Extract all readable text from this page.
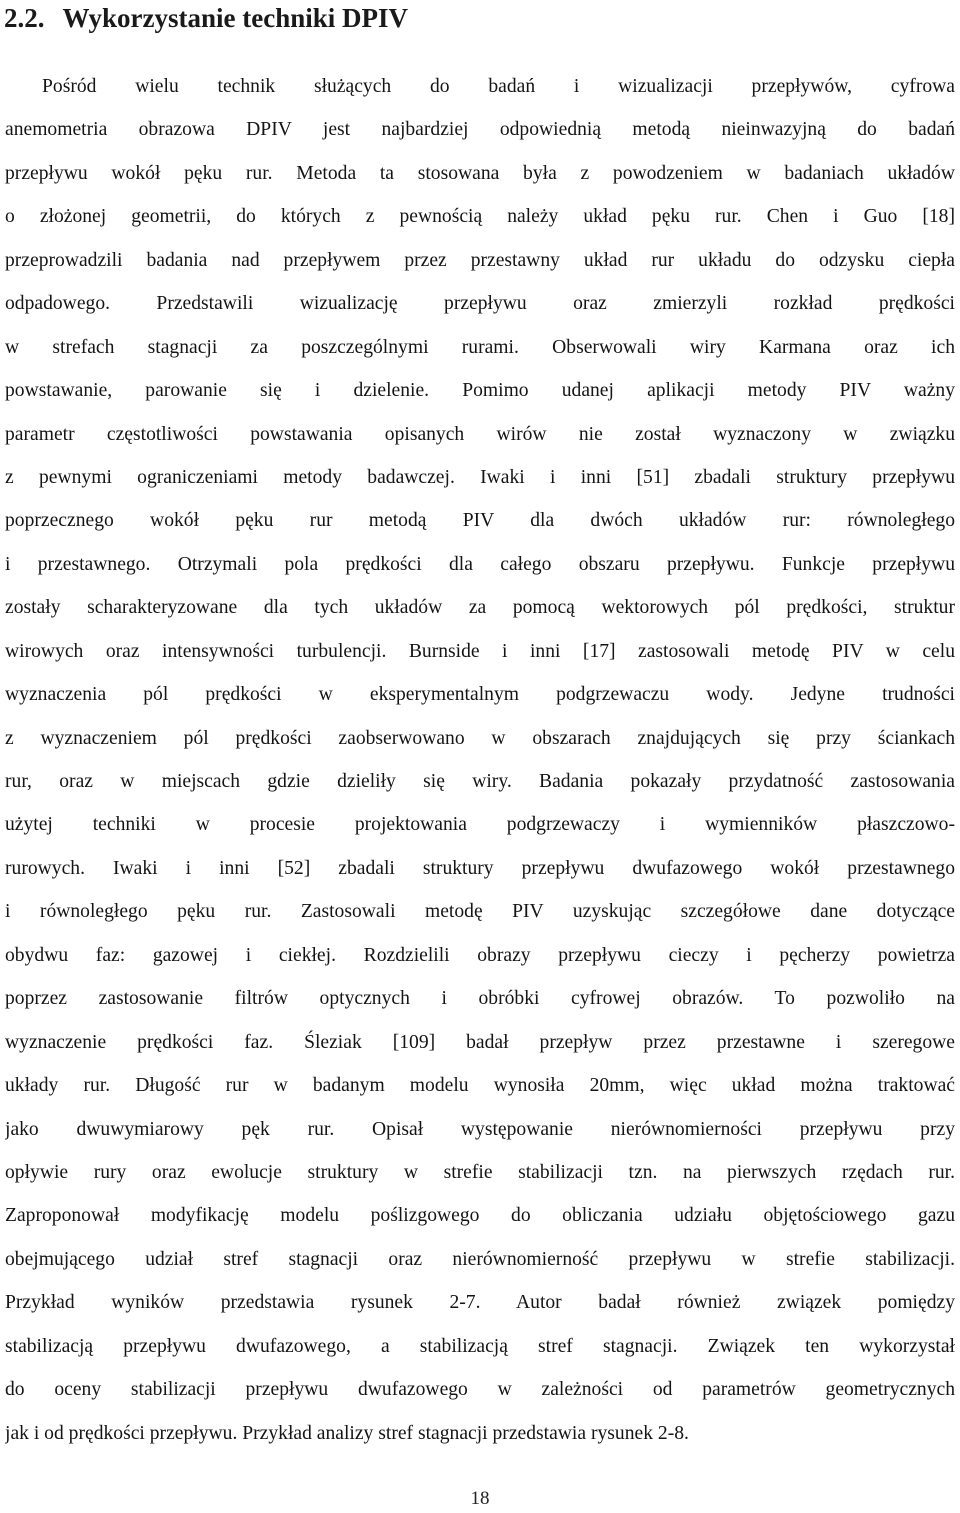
2.2. Wykorzystanie techniki DPIV
Pośród wielu technik służących do badań i wizualizacji przepływów, cyfrowa
anemometria obrazowa DPIV jest najbardziej odpowiednią metodą nieinwazyjną do badań
przepływu wokół pęku rur. Metoda ta stosowana była z powodzeniem w badaniach układów
o złożonej geometrii, do których z pewnością należy układ pęku rur. Chen i Guo [18]
przeprowadzili badania nad przepływem przez przestawny układ rur układu do odzysku ciepła
odpadowego. Przedstawili wizualizację przepływu oraz zmierzyli rozkład prędkości
w strefach stagnacji za poszczególnymi rurami. Obserwowali wiry Karmana oraz ich
powstawanie, parowanie się i dzielenie. Pomimo udanej aplikacji metody PIV ważny
parametr częstotliwości powstawania opisanych wirów nie został wyznaczony w związku
z pewnymi ograniczeniami metody badawczej. Iwaki i inni [51] zbadali struktury przepływu
poprzecznego wokół pęku rur metodą PIV dla dwóch układów rur: równoległego
i przestawnego. Otrzymali pola prędkości dla całego obszaru przepływu. Funkcje przepływu
zostały scharakteryzowane dla tych układów za pomocą wektorowych pól prędkości, struktur
wirowych oraz intensywności turbulencji. Burnside i inni [17] zastosowali metodę PIV w celu
wyznaczenia pól prędkości w eksperymentalnym podgrzewaczu wody. Jedyne trudności
z wyznaczeniem pól prędkości zaobserwowano w obszarach znajdujących się przy ściankach
rur, oraz w miejscach gdzie dzieliły się wiry. Badania pokazały przydatność zastosowania
użytej techniki w procesie projektowania podgrzewaczy i wymienników płaszczowo-
rurowych. Iwaki i inni [52] zbadali struktury przepływu dwufazowego wokół przestawnego
i równoległego pęku rur. Zastosowali metodę PIV uzyskując szczegółowe dane dotyczące
obydwu faz: gazowej i ciekłej. Rozdzielili obrazy przepływu cieczy i pęcherzy powietrza
poprzez zastosowanie filtrów optycznych i obróbki cyfrowej obrazów. To pozwoliło na
wyznaczenie prędkości faz. Śleziak [109] badał przepływ przez przestawne i szeregowe
układy rur. Długość rur w badanym modelu wynosiła 20mm, więc układ można traktować
jako dwuwymiarowy pęk rur. Opisał występowanie nierównomierności przepływu przy
opływie rury oraz ewolucje struktury w strefie stabilizacji tzn. na pierwszych rzędach rur.
Zaproponował modyfikację modelu poślizgowego do obliczania udziału objętościowego gazu
obejmującego udział stref stagnacji oraz nierównomierność przepływu w strefie stabilizacji.
Przykład wyników przedstawia rysunek 2-7. Autor badał również związek pomiędzy
stabilizacją przepływu dwufazowego, a stabilizacją stref stagnacji. Związek ten wykorzystał
do oceny stabilizacji przepływu dwufazowego w zależności od parametrów geometrycznych
jak i od prędkości przepływu. Przykład analizy stref stagnacji przedstawia rysunek 2-8.
18
